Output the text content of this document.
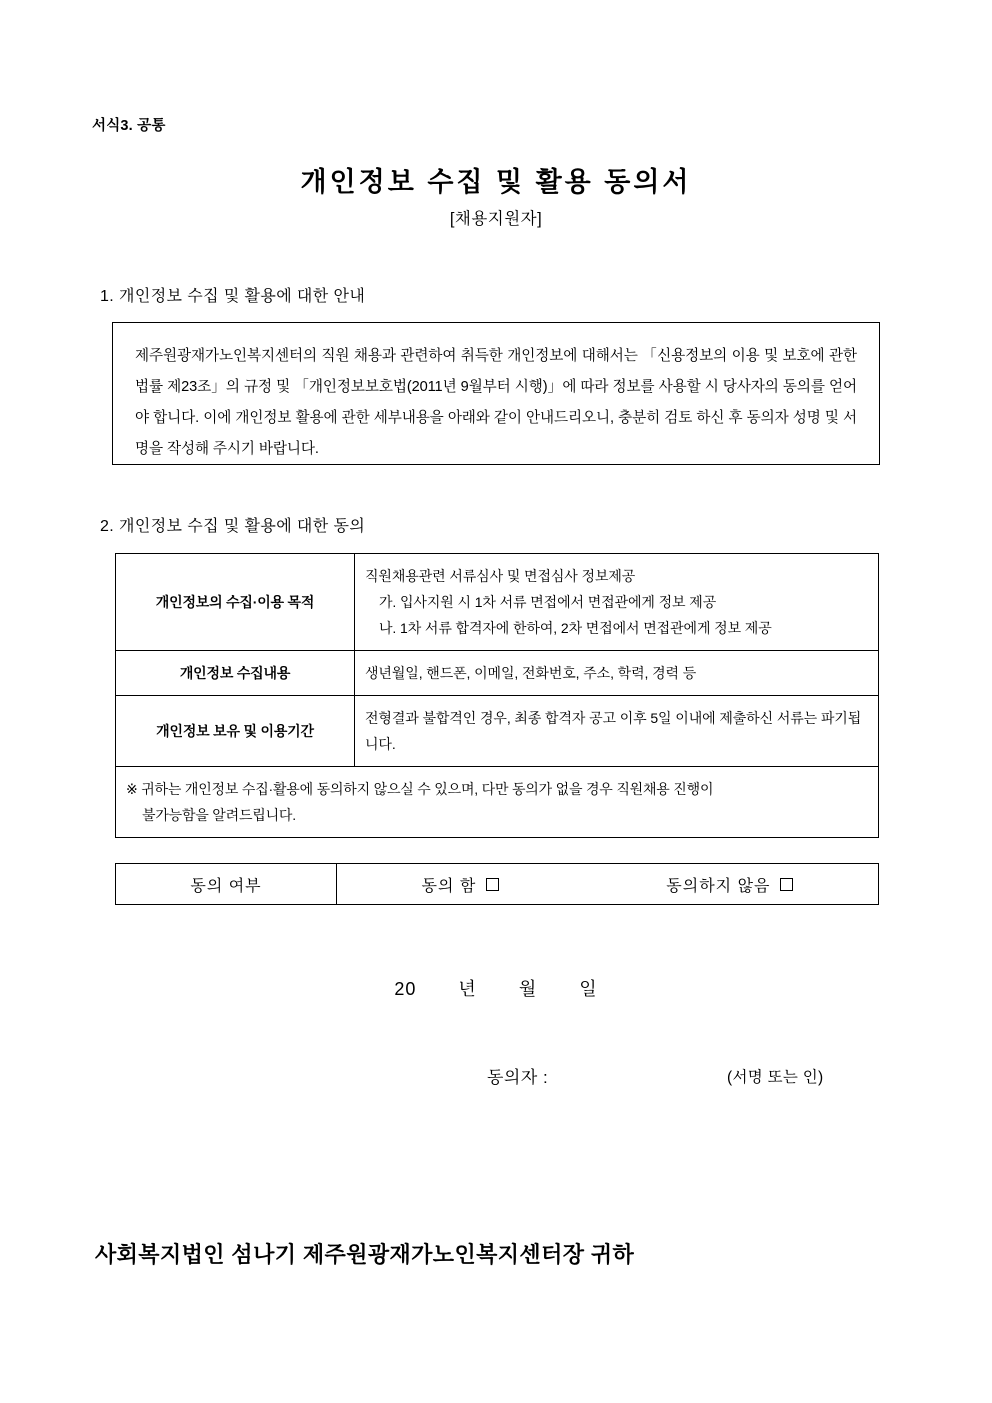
서식3. 공통
개인정보 수집 및 활용 동의서
[채용지원자]
1. 개인정보 수집 및 활용에 대한 안내

제주원광재가노인복지센터의 직원 채용과 관련하여 취득한 개인정보에 대해서는 「신용정보의 이용 및 보호에 관한법률 제23조」의 규정 및 「개인정보보호법(2011년 9월부터 시행)」에 따라 정보를 사용할 시 당사자의 동의를 얻어야 합니다. 이에 개인정보 활용에 관한 세부내용을 아래와 같이 안내드리오니, 충분히 검토 하신 후 동의자 성명 및 서명을 작성해 주시기 바랍니다.

2. 개인정보 수집 및 활용에 대한 동의
개인정보의 수집·이용 목적	직원채용관련 서류심사 및 면접심사 정보제공
가. 입사지원 시 1차 서류 면접에서 면접관에게 정보 제공
나. 1차 서류 합격자에 한하여, 2차 면접에서 면접관에게 정보 제공

개인정보 수집내용	생년월일, 핸드폰, 이메일, 전화번호, 주소, 학력, 경력 등
개인정보 보유 및 이용기간	전형결과 불합격인 경우, 최종 합격자 공고 이후 5일 이내에 제출하신 서류는 파기됩니다.
※ 귀하는 개인정보 수집·활용에 동의하지 않으실 수 있으며, 다만 동의가 없을 경우 직원채용 진행이
불가능함을 알려드립니다.	
동의 여부	동의 함	동의하지 않음
20 년 월 일
동의자 :	(서명 또는 인)
사회복지법인 섬나기 제주원광재가노인복지센터장 귀하
